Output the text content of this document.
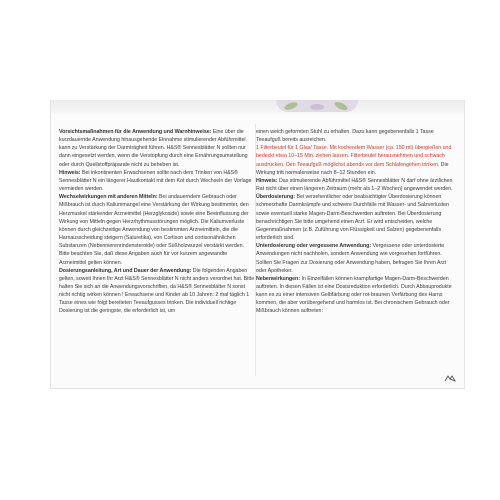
Vorsichtsmaßnahmen für die Anwendung und Warnhinweise: Eine über die kurzdauernde Anwendung hinausgehende Einnahme stimulierender Abführmittel kann zu Verstärkung der Darmträgheit führen. H&S® Sennesblätter N sollten nur dann eingesetzt werden, wenn die Verstopfung durch eine Ernährungsumstellung oder durch Quellstoffpräparate nicht zu beheben ist.

Hinweis: Bei inkontinenten Erwachsenen sollte nach dem Trinken von H&S® Sennesblätter N ein längerer Hautkontakt mit dem Kot durch Wechseln der Vorlage vermieden werden.

Wechselwirkungen mit anderen Mitteln: Bei andauerndem Gebrauch oder Mißbrauch ist durch Kaliummangel eine Verstärkung der Wirkung bestimmter, den Herzmuskel stärkender Arzneimittel (Herzglykoside) sowie eine Beeinflussung der Wirkung von Mitteln gegen Herzrhythmusstörungen möglich. Die Kaliumverluste können durch gleichzeitige Anwendung von bestimmten Arzneimitteln, die die Harnausscheidung steigern (Saluretika), von Cortison und cortisonähnlichen Substanzen (Nebennierenrindensteroide) oder Süßholzwurzel verstärkt werden. Bitte beachten Sie, daß diese Angaben auch für vor kurzem angewandte Arzneimittel gelten können.

Dosierungsanleitung, Art und Dauer der Anwendung: Die folgenden Angaben gelten, soweit Ihnen Ihr Arzt H&S® Sennesblätter N nicht anders verordnet hat. Bitte halten Sie sich an die Anwendungsvorschriften, da H&S® Sennesblätter N sonst nicht richtig wirken können ! Erwachsene und Kinder ab 10 Jahren: 2 mal täglich 1 Tasse eines wie folgt bereiteten Teeaufgusses trinken. Die individuell richtige Dosierung ist die geringste, die erforderlich ist, um

einen weich geformten Stuhl zu erhalten. Dazu kann gegebenenfalls 1 Tasse Teeaufguß bereits ausreichen.

1 Filterbeutel für 1 Glas/ Tasse. Mit kochendem Wasser (ca. 150 ml) übergießen und bedeckt etwa 10–15 Min. ziehen lassen. Filterbeutel herausnehmen und schwach ausdrücken. Den Teeaufguß möglichst abends vor dem Schlafengehen trinken. Die Wirkung tritt normalerweise nach 8–12 Stunden ein.

Hinweis: Das stimulierende Abführmittel H&S® Sennesblätter N darf ohne ärztlichen Rat nicht über einen längeren Zeitraum (mehr als 1–2 Wochen) angewendet werden.

Überdosierung: Bei versehentlicher oder beabsichtigter Überdosierung können schmerzhafte Darmkrämpfe und schwere Durchfälle mit Wasser- und Salzverlusten sowie eventuell starke Magen-Darm-Beschwerden auftreten. Bei Überdosierung benachrichtigen Sie bitte umgehend einen Arzt. Er wird entscheiden, welche Gegenmaßnahmen (z.B. Zuführung von Flüssigkeit und Salzen) gegebenenfalls erforderlich sind.

Unterdosierung oder vergessene Anwendung: Vergessene oder unterdosierte Anwendungen nicht nachholen, sondern Anwendung wie vorgesehen fortführen. Sollten Sie Fragen zur Dosierung oder Anwendung haben, befragen Sie Ihren Arzt oder Apotheker.

Nebenwirkungen: In Einzelfällen können krampfartige Magen-Darm-Beschwerden auftreten. In diesen Fällen ist eine Dosisreduktion erforderlich. Durch Abbauprodukte kann es zu einer intensiven Gelbfärbung oder rot-braunen Verfärbung des Harns kommen, die aber vorübergehend und harmlos ist. Bei chronischem Gebrauch oder Mißbrauch können auftreten:
